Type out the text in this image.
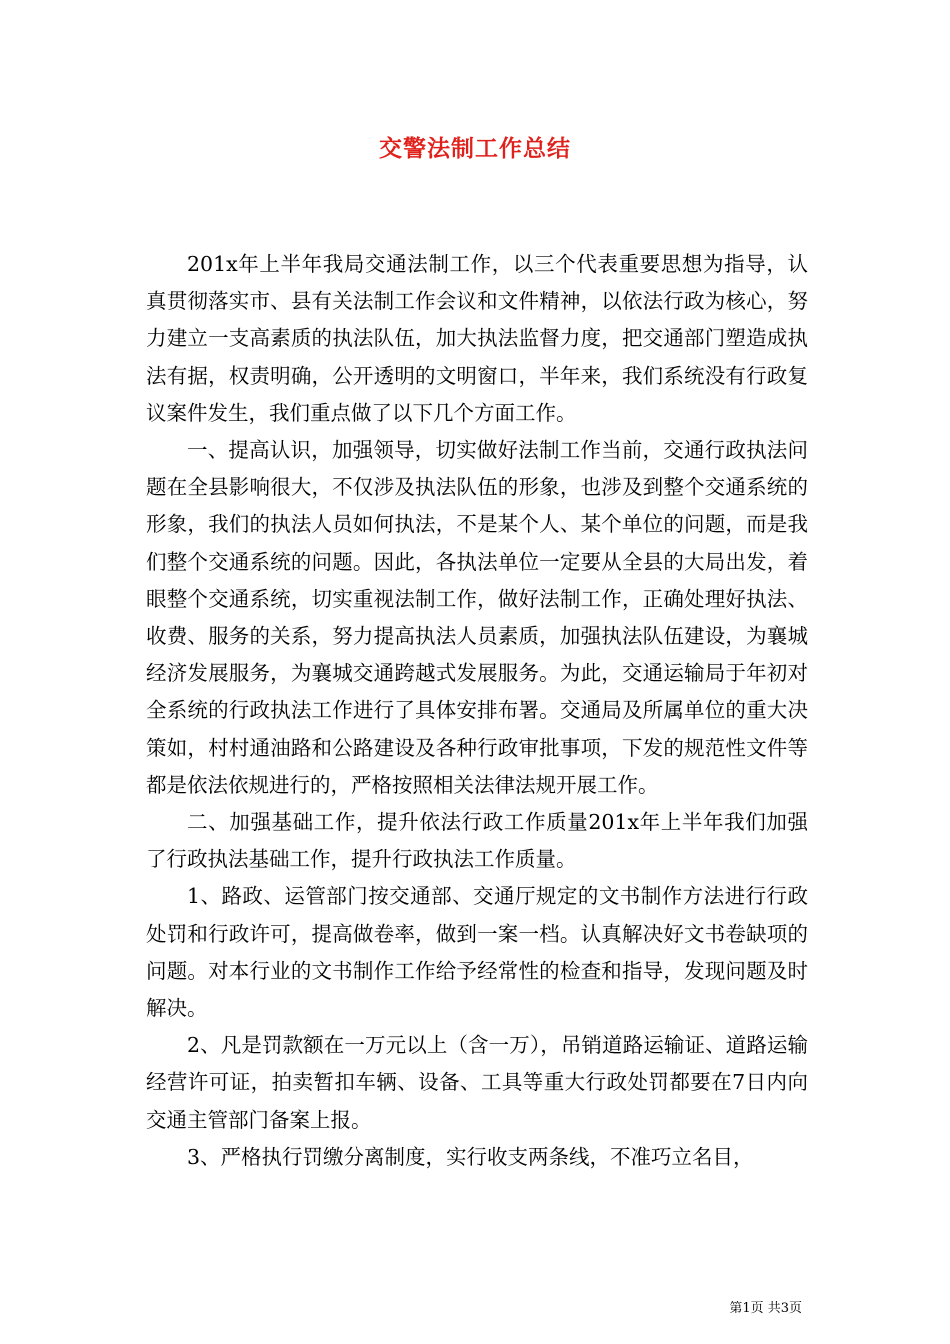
交警法制工作总结

201x年上半年我局交通法制工作，以三个代表重要思想为指导，认真贯彻落实市、县有关法制工作会议和文件精神，以依法行政为核心，努力建立一支高素质的执法队伍，加大执法监督力度，把交通部门塑造成执法有据，权责明确，公开透明的文明窗口，半年来，我们系统没有行政复议案件发生，我们重点做了以下几个方面工作。

一、提高认识，加强领导，切实做好法制工作当前，交通行政执法问题在全县影响很大，不仅涉及执法队伍的形象，也涉及到整个交通系统的形象，我们的执法人员如何执法，不是某个人、某个单位的问题，而是我们整个交通系统的问题。因此，各执法单位一定要从全县的大局出发，着眼整个交通系统，切实重视法制工作，做好法制工作，正确处理好执法、收费、服务的关系，努力提高执法人员素质，加强执法队伍建设，为襄城经济发展服务，为襄城交通跨越式发展服务。为此，交通运输局于年初对全系统的行政执法工作进行了具体安排布署。交通局及所属单位的重大决策如，村村通油路和公路建设及各种行政审批事项，下发的规范性文件等都是依法依规进行的，严格按照相关法律法规开展工作。

二、加强基础工作，提升依法行政工作质量201x年上半年我们加强了行政执法基础工作，提升行政执法工作质量。

1、路政、运管部门按交通部、交通厅规定的文书制作方法进行行政处罚和行政许可，提高做卷率，做到一案一档。认真解决好文书卷缺项的问题。对本行业的文书制作工作给予经常性的检查和指导，发现问题及时解决。

2、凡是罚款额在一万元以上（含一万），吊销道路运输证、道路运输经营许可证，拍卖暂扣车辆、设备、工具等重大行政处罚都要在7日内向交通主管部门备案上报。

3、严格执行罚缴分离制度，实行收支两条线，不准巧立名目，

第1页 共3页
